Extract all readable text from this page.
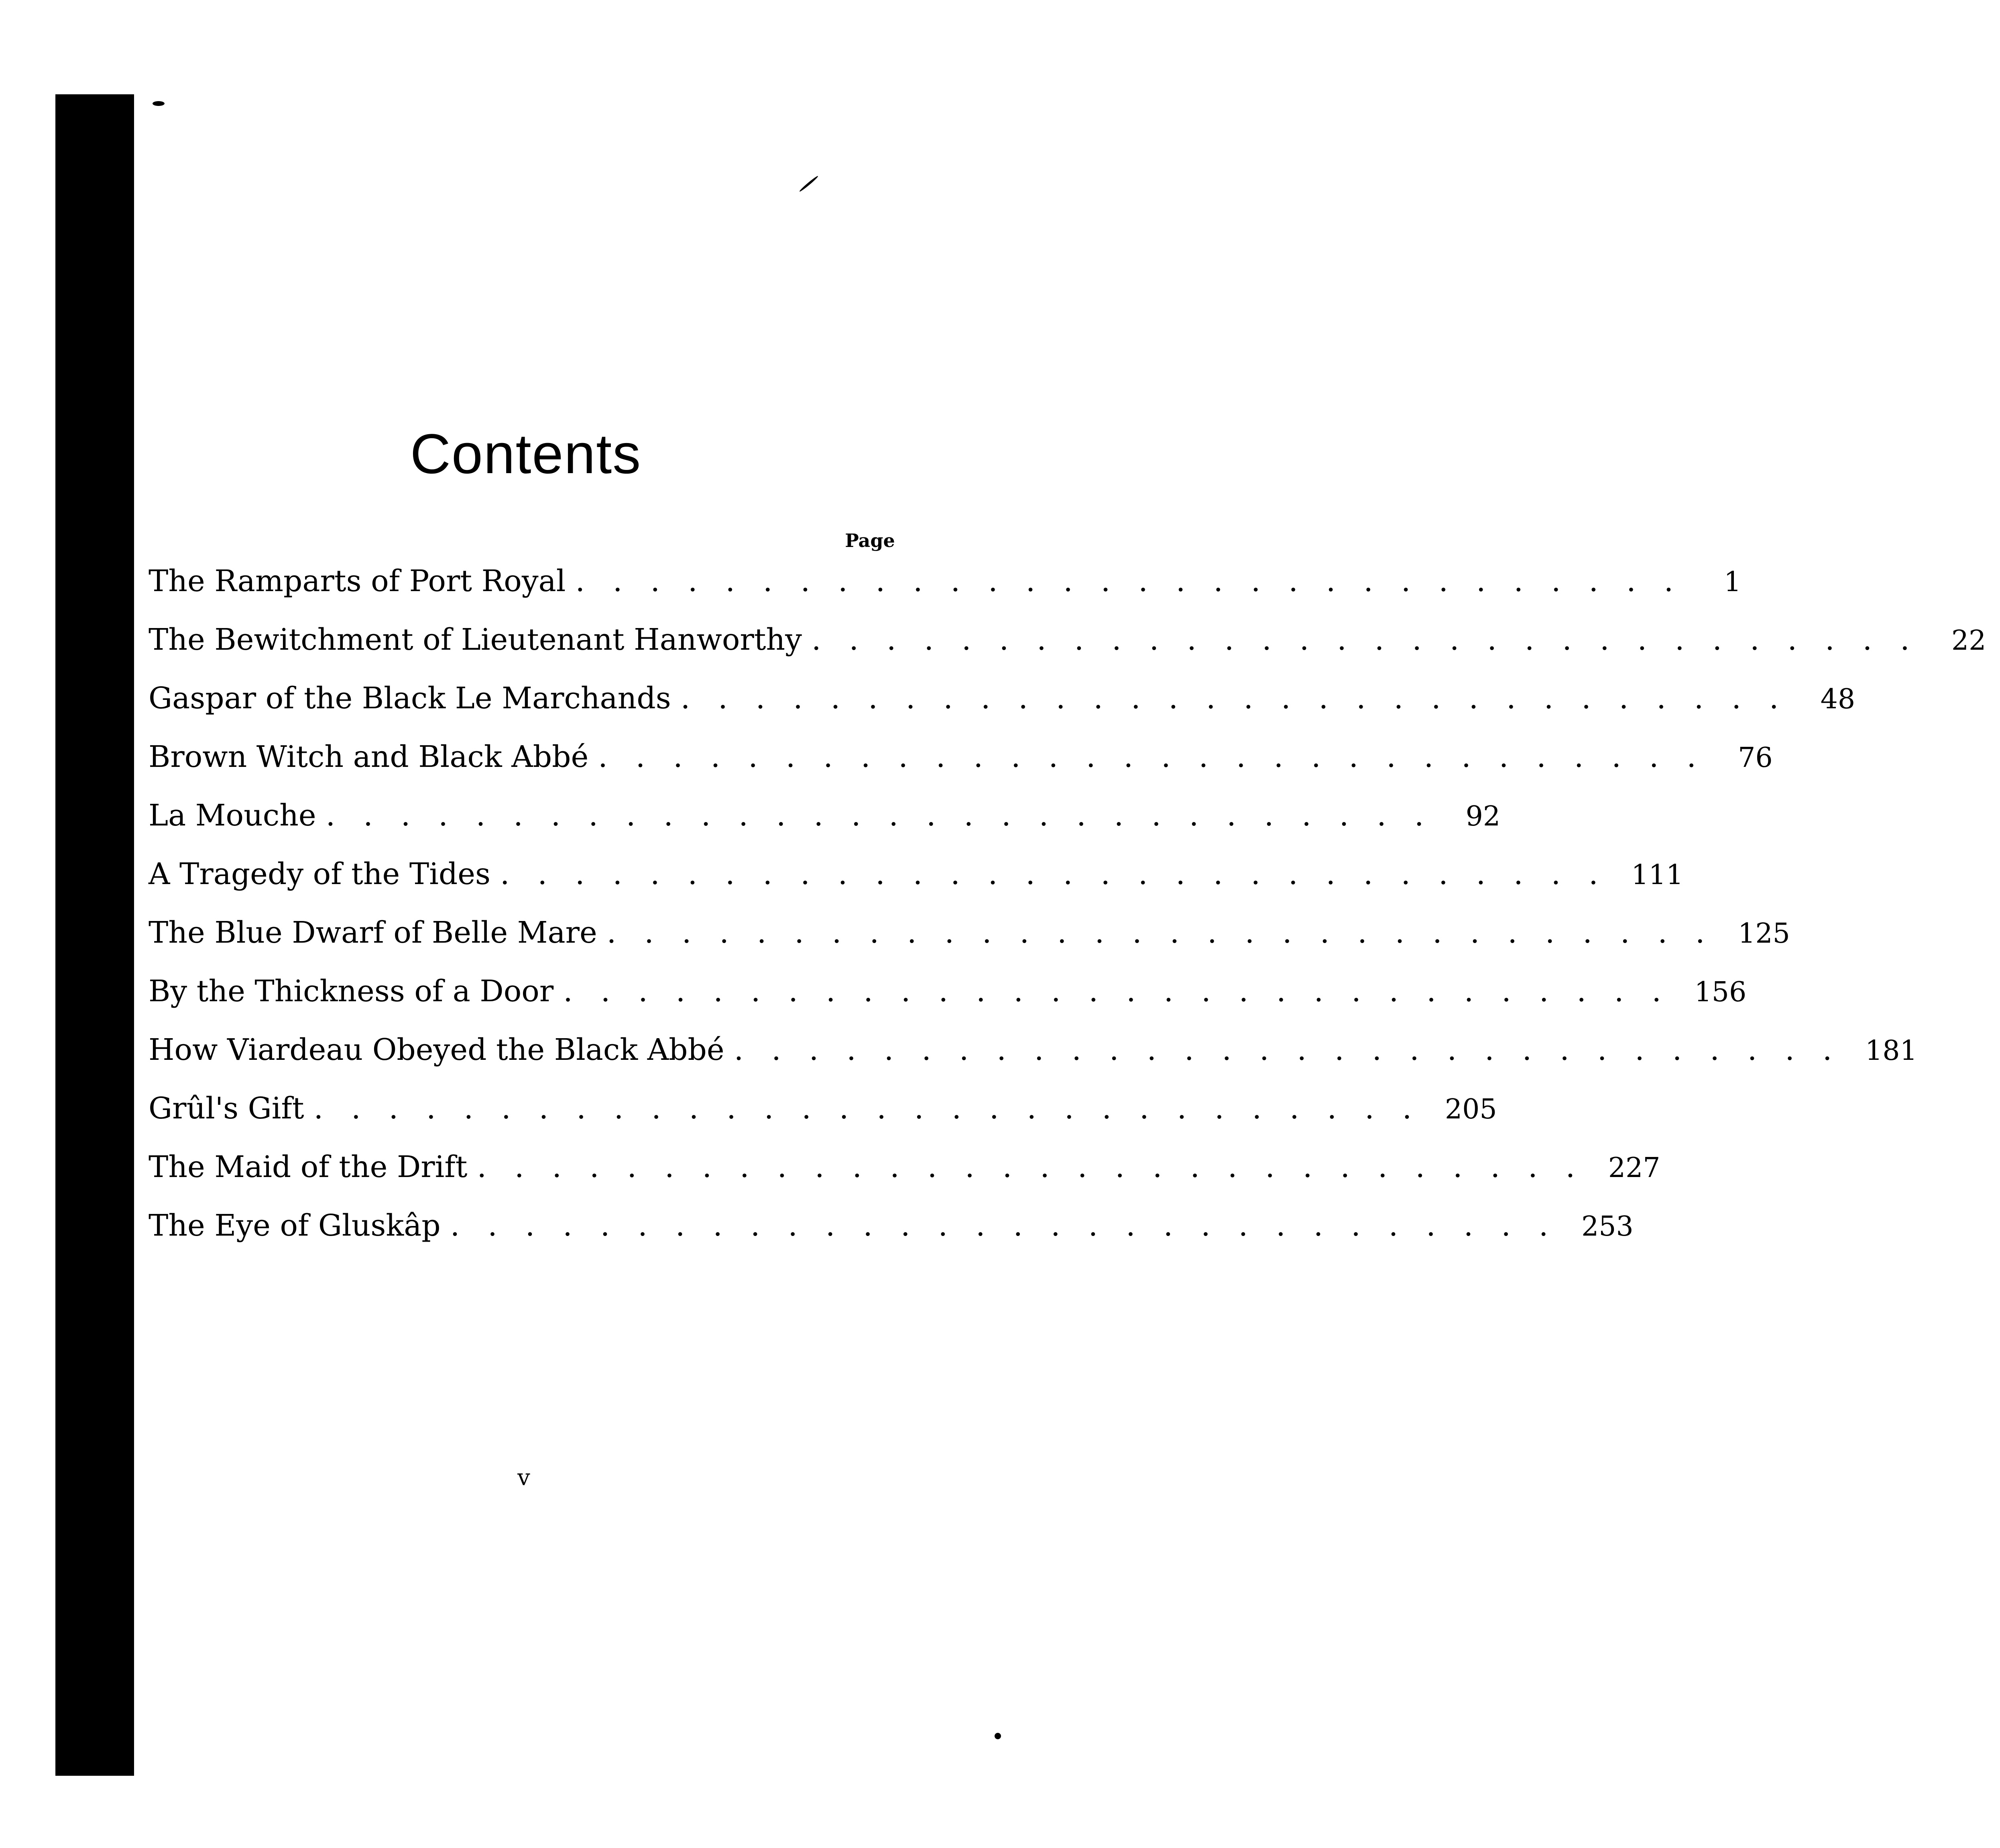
Contents
Page
The Ramparts of Port Royal .............................. 1
The Bewitchment of Lieutenant Hanworthy .............................. 22
Gaspar of the Black Le Marchands .............................. 48
Brown Witch and Black Abbé .............................. 76
La Mouche .............................. 92
A Tragedy of the Tides .............................. 111
The Blue Dwarf of Belle Mare .............................. 125
By the Thickness of a Door .............................. 156
How Viardeau Obeyed the Black Abbé .............................. 181
Grûl's Gift .............................. 205
The Maid of the Drift .............................. 227
The Eye of Gluskâp .............................. 253
v
